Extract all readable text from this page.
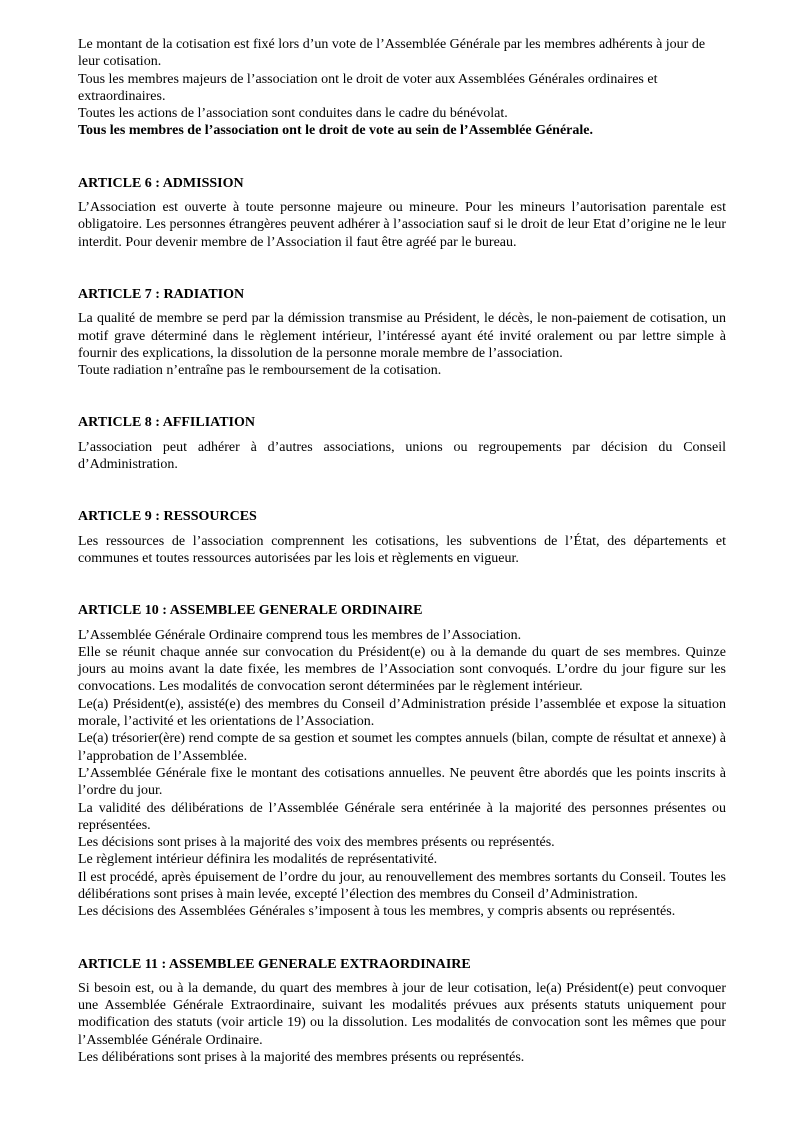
Le montant de la cotisation est fixé lors d’un vote de l’Assemblée Générale par les membres adhérents à jour de leur cotisation.

Tous les membres majeurs de l’association ont le droit de voter aux Assemblées Générales ordinaires et extraordinaires.

Toutes les actions de l’association sont conduites dans le cadre du bénévolat.

Tous les membres de l’association ont le droit de vote au sein de l’Assemblée Générale.

ARTICLE 6 : ADMISSION

L’Association est ouverte à toute personne majeure ou mineure. Pour les mineurs l’autorisation parentale est obligatoire. Les personnes étrangères peuvent adhérer à l’association sauf si le droit de leur Etat d’origine ne le leur interdit. Pour devenir membre de l’Association il faut être agréé par le bureau.

ARTICLE 7 : RADIATION

La qualité de membre se perd par la démission transmise au Président, le décès, le non-paiement de cotisation, un motif grave déterminé dans le règlement intérieur, l’intéressé ayant été invité oralement ou par lettre simple à fournir des explications, la dissolution de la personne morale membre de l’association.

Toute radiation n’entraîne pas le remboursement de la cotisation.

ARTICLE 8 : AFFILIATION

L’association peut adhérer à d’autres associations, unions ou regroupements par décision du Conseil d’Administration.

ARTICLE 9 : RESSOURCES

Les ressources de l’association comprennent les cotisations, les subventions de l’État, des départements et communes et toutes ressources autorisées par les lois et règlements en vigueur.

ARTICLE 10 : ASSEMBLEE GENERALE ORDINAIRE

L’Assemblée Générale Ordinaire comprend tous les membres de l’Association.

Elle se réunit chaque année sur convocation du Président(e) ou à la demande du quart de ses membres. Quinze jours au moins avant la date fixée, les membres de l’Association sont convoqués. L’ordre du jour figure sur les convocations. Les modalités de convocation seront déterminées par le règlement intérieur.

Le(a) Président(e), assisté(e) des membres du Conseil d’Administration préside l’assemblée et expose la situation morale, l’activité et les orientations de l’Association.

Le(a) trésorier(ère) rend compte de sa gestion et soumet les comptes annuels (bilan, compte de résultat et annexe) à l’approbation de l’Assemblée.

L’Assemblée Générale fixe le montant des cotisations annuelles. Ne peuvent être abordés que les points inscrits à l’ordre du jour.

La validité des délibérations de l’Assemblée Générale sera entérinée à la majorité des personnes présentes ou représentées.

Les décisions sont prises à la majorité des voix des membres présents ou représentés.

Le règlement intérieur définira les modalités de représentativité.

Il est procédé, après épuisement de l’ordre du jour, au renouvellement des membres sortants du Conseil. Toutes les délibérations sont prises à main levée, excepté l’élection des membres du Conseil d’Administration.

Les décisions des Assemblées Générales s’imposent à tous les membres, y compris absents ou représentés.

ARTICLE 11 : ASSEMBLEE GENERALE EXTRAORDINAIRE

Si besoin est, ou à la demande, du quart des membres à jour de leur cotisation, le(a) Président(e) peut convoquer une Assemblée Générale Extraordinaire, suivant les modalités prévues aux présents statuts uniquement pour modification des statuts (voir article 19) ou la dissolution. Les modalités de convocation sont les mêmes que pour l’Assemblée Générale Ordinaire.

Les délibérations sont prises à la majorité des membres présents ou représentés.
